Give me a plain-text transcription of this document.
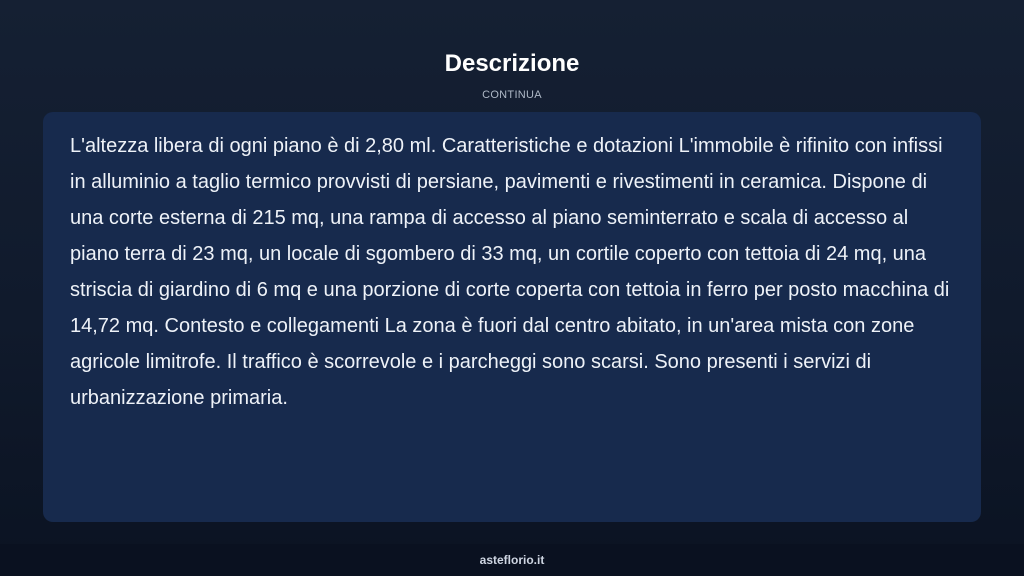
Descrizione
CONTINUA

L'altezza libera di ogni piano è di 2,80 ml. Caratteristiche e dotazioni L'immobile è rifinito con infissi in alluminio a taglio termico provvisti di persiane, pavimenti e rivestimenti in ceramica. Dispone di una corte esterna di 215 mq, una rampa di accesso al piano seminterrato e scala di accesso al piano terra di 23 mq, un locale di sgombero di 33 mq, un cortile coperto con tettoia di 24 mq, una striscia di giardino di 6 mq e una porzione di corte coperta con tettoia in ferro per posto macchina di 14,72 mq. Contesto e collegamenti La zona è fuori dal centro abitato, in un'area mista con zone agricole limitrofe. Il traffico è scorrevole e i parcheggi sono scarsi. Sono presenti i servizi di urbanizzazione primaria.

asteflorio.it
